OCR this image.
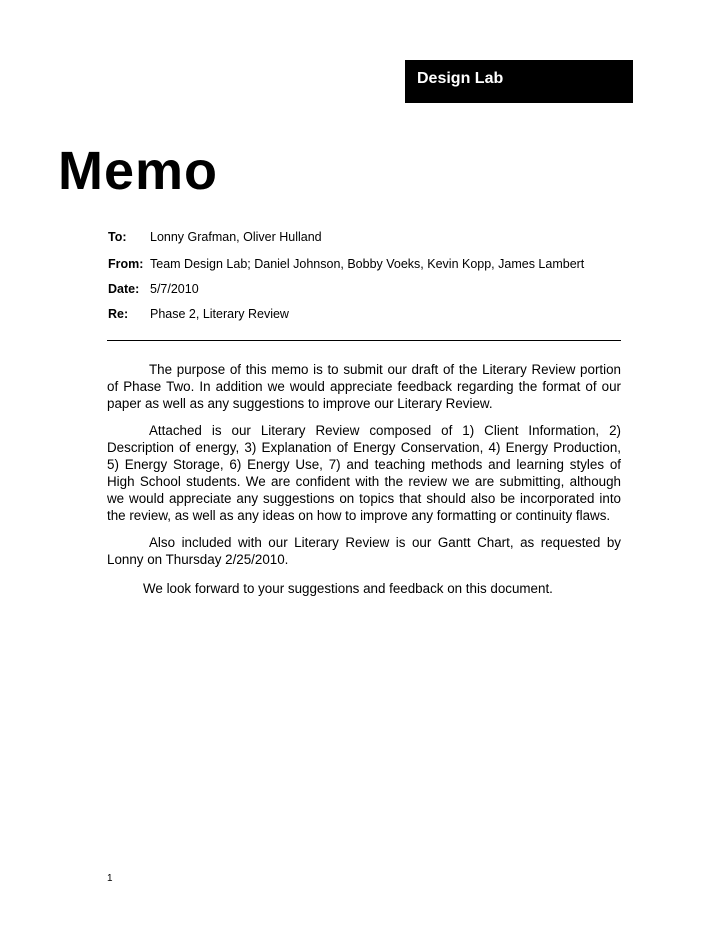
Design Lab
Memo
To: Lonny Grafman, Oliver Hulland
From: Team Design Lab; Daniel Johnson, Bobby Voeks, Kevin Kopp, James Lambert
Date: 5/7/2010
Re: Phase 2, Literary Review

The purpose of this memo is to submit our draft of the Literary Review portion of Phase Two. In addition we would appreciate feedback regarding the format of our paper as well as any suggestions to improve our Literary Review.

Attached is our Literary Review composed of 1) Client Information, 2) Description of energy, 3) Explanation of Energy Conservation, 4) Energy Production, 5) Energy Storage, 6) Energy Use, 7) and teaching methods and learning styles of High School students. We are confident with the review we are submitting, although we would appreciate any suggestions on topics that should also be incorporated into the review, as well as any ideas on how to improve any formatting or continuity flaws.

Also included with our Literary Review is our Gantt Chart, as requested by Lonny on Thursday 2/25/2010.

We look forward to your suggestions and feedback on this document.

1
